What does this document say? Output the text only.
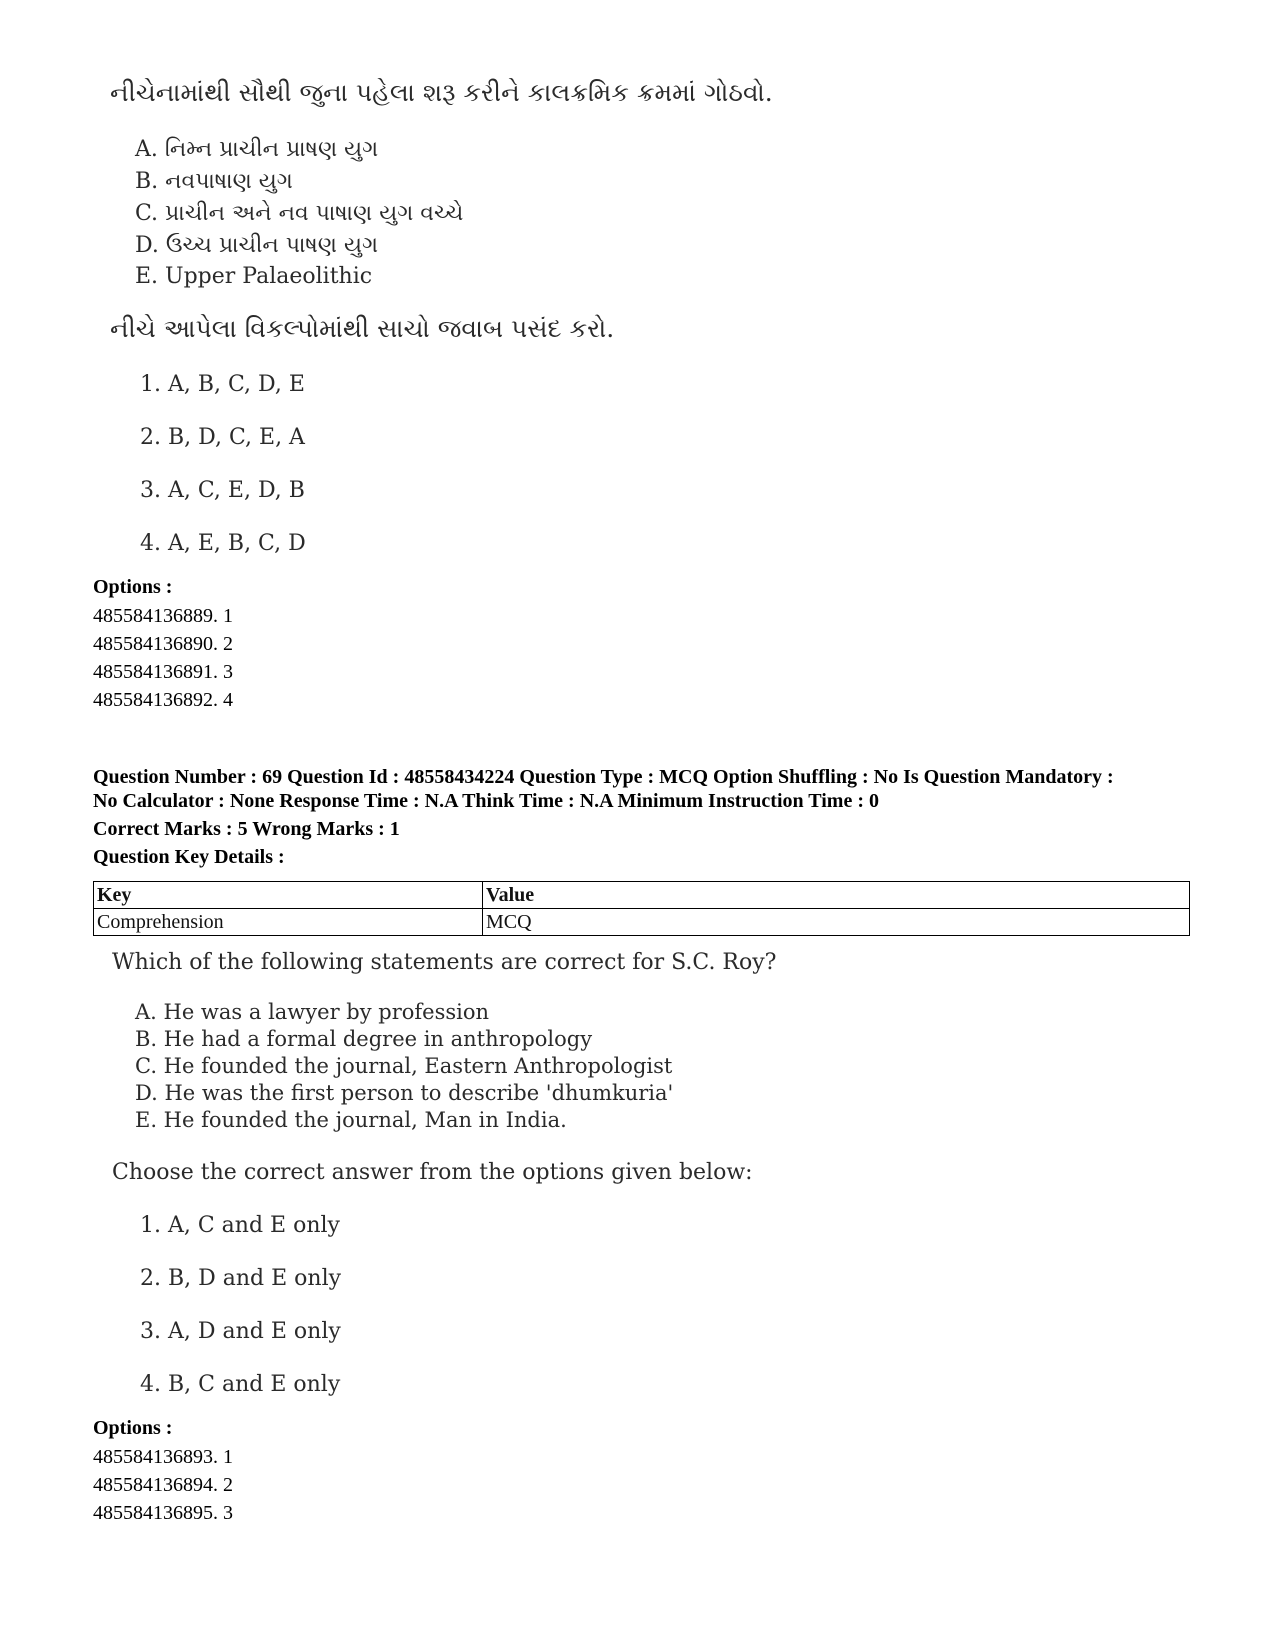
નીચેનામાંથી સૌથી જુના પહેલા શરૂ કરીને કાલક્રમિક ક્રમમાં ગોઠવો.
A. નિમ્ન પ્રાચીન પ્રાષણ યુગ
B. નવપાષાણ યુગ
C. પ્રાચીન અને નવ પાષાણ યુગ વચ્ચે
D. ઉચ્ચ પ્રાચીન પાષણ યુગ
E. Upper Palaeolithic
નીચે આપેલા વિકલ્પોમાંથી સાચો જવાબ પસંદ કરો.
1. A, B, C, D, E
2. B, D, C, E, A
3. A, C, E, D, B
4. A, E, B, C, D
Options :
485584136889. 1
485584136890. 2
485584136891. 3
485584136892. 4
Question Number : 69 Question Id : 48558434224 Question Type : MCQ Option Shuffling : No Is Question Mandatory :
No Calculator : None Response Time : N.A Think Time : N.A Minimum Instruction Time : 0
Correct Marks : 5 Wrong Marks : 1
Question Key Details :
Key	Value
Comprehension	MCQ
Which of the following statements are correct for S.C. Roy?
A. He was a lawyer by profession
B. He had a formal degree in anthropology
C. He founded the journal, Eastern Anthropologist
D. He was the first person to describe 'dhumkuria'
E. He founded the journal, Man in India.
Choose the correct answer from the options given below:
1. A, C and E only
2. B, D and E only
3. A, D and E only
4. B, C and E only
Options :
485584136893. 1
485584136894. 2
485584136895. 3
